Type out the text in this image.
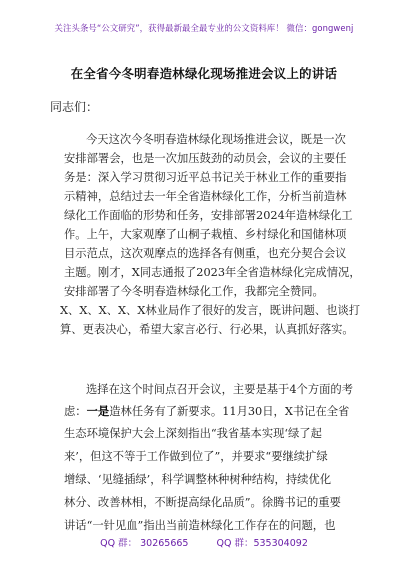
关注头条号“公文研究”，获得最新最全最专业的公文资料库！ 微信：gongwenj
在全省今冬明春造林绿化现场推进会议上的讲话
同志们：
今天这次今冬明春造林绿化现场推进会议，既是一次
安排部署会，也是一次加压鼓劲的动员会，会议的主要任
务是：深入学习贯彻习近平总书记关于林业工作的重要指
示精神，总结过去一年全省造林绿化工作，分析当前造林
绿化工作面临的形势和任务，安排部署2024年造林绿化工
作。上午，大家观摩了山桐子栽植、乡村绿化和国储林项
目示范点，这次观摩点的选择各有侧重，也充分契合会议
主题。刚才，X同志通报了2023年全省造林绿化完成情况，
安排部署了今冬明春造林绿化工作，我都完全赞同。
X、X、X、X、X林业局作了很好的发言，既讲问题、也谈打
算、更表决心，希望大家言必行、行必果，认真抓好落实。
选择在这个时间点召开会议，主要是基于4个方面的考
虑：一是造林任务有了新要求。11月30日，X书记在全省
生态环境保护大会上深刻指出“我省基本实现‘绿了起
来’，但这不等于工作做到位了”，并要求“要继续扩绿
增绿、‘见缝插绿’，科学调整林种树种结构，持续优化
林分、改善林相，不断提高绿化品质”。徐腾书记的重要
讲话“一针见血”指出当前造林绿化工作存在的问题，也
QQ 群： 30265665	QQ 群：535304092
